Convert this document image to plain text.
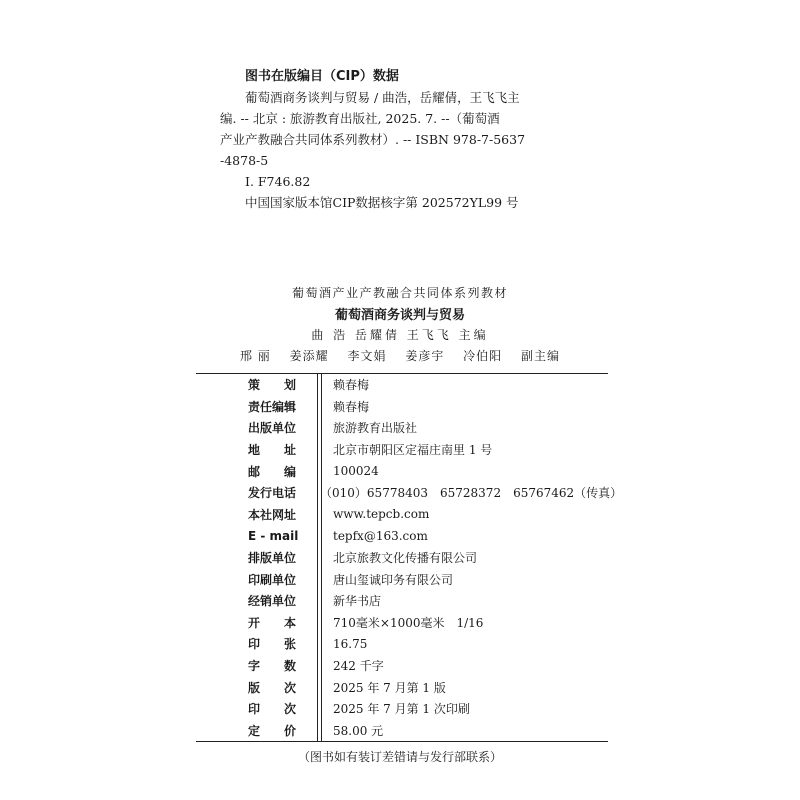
图书在版编目（CIP）数据
葡萄酒商务谈判与贸易 / 曲浩，岳耀倩，王飞飞主
编. -- 北京 : 旅游教育出版社, 2025. 7. --（葡萄酒
产业产教融合共同体系列教材）. -- ISBN 978-7-5637
-4878-5
Ⅰ. F746.82
中国国家版本馆CIP数据核字第 202572YL99 号
葡萄酒产业产教融合共同体系列教材
葡萄酒商务谈判与贸易
曲 浩 岳耀倩 王飞飞 主编
邢 丽 姜添耀 李文娟 姜彦宇 冷伯阳 副主编
策 划	赖春梅
责任编辑	赖春梅
出版单位	旅游教育出版社
地 址	北京市朝阳区定福庄南里 1 号
邮 编	100024
发行电话	（010）65778403　65728372　65767462（传真）
本社网址	www.tepcb.com
E - mail	tepfx@163.com
排版单位	北京旅教文化传播有限公司
印刷单位	唐山玺诚印务有限公司
经销单位	新华书店
开 本	710毫米×1000毫米　1/16
印 张	16.75
字 数	242 千字
版 次	2025 年 7 月第 1 版
印 次	2025 年 7 月第 1 次印刷
定 价	58.00 元
（图书如有装订差错请与发行部联系）
